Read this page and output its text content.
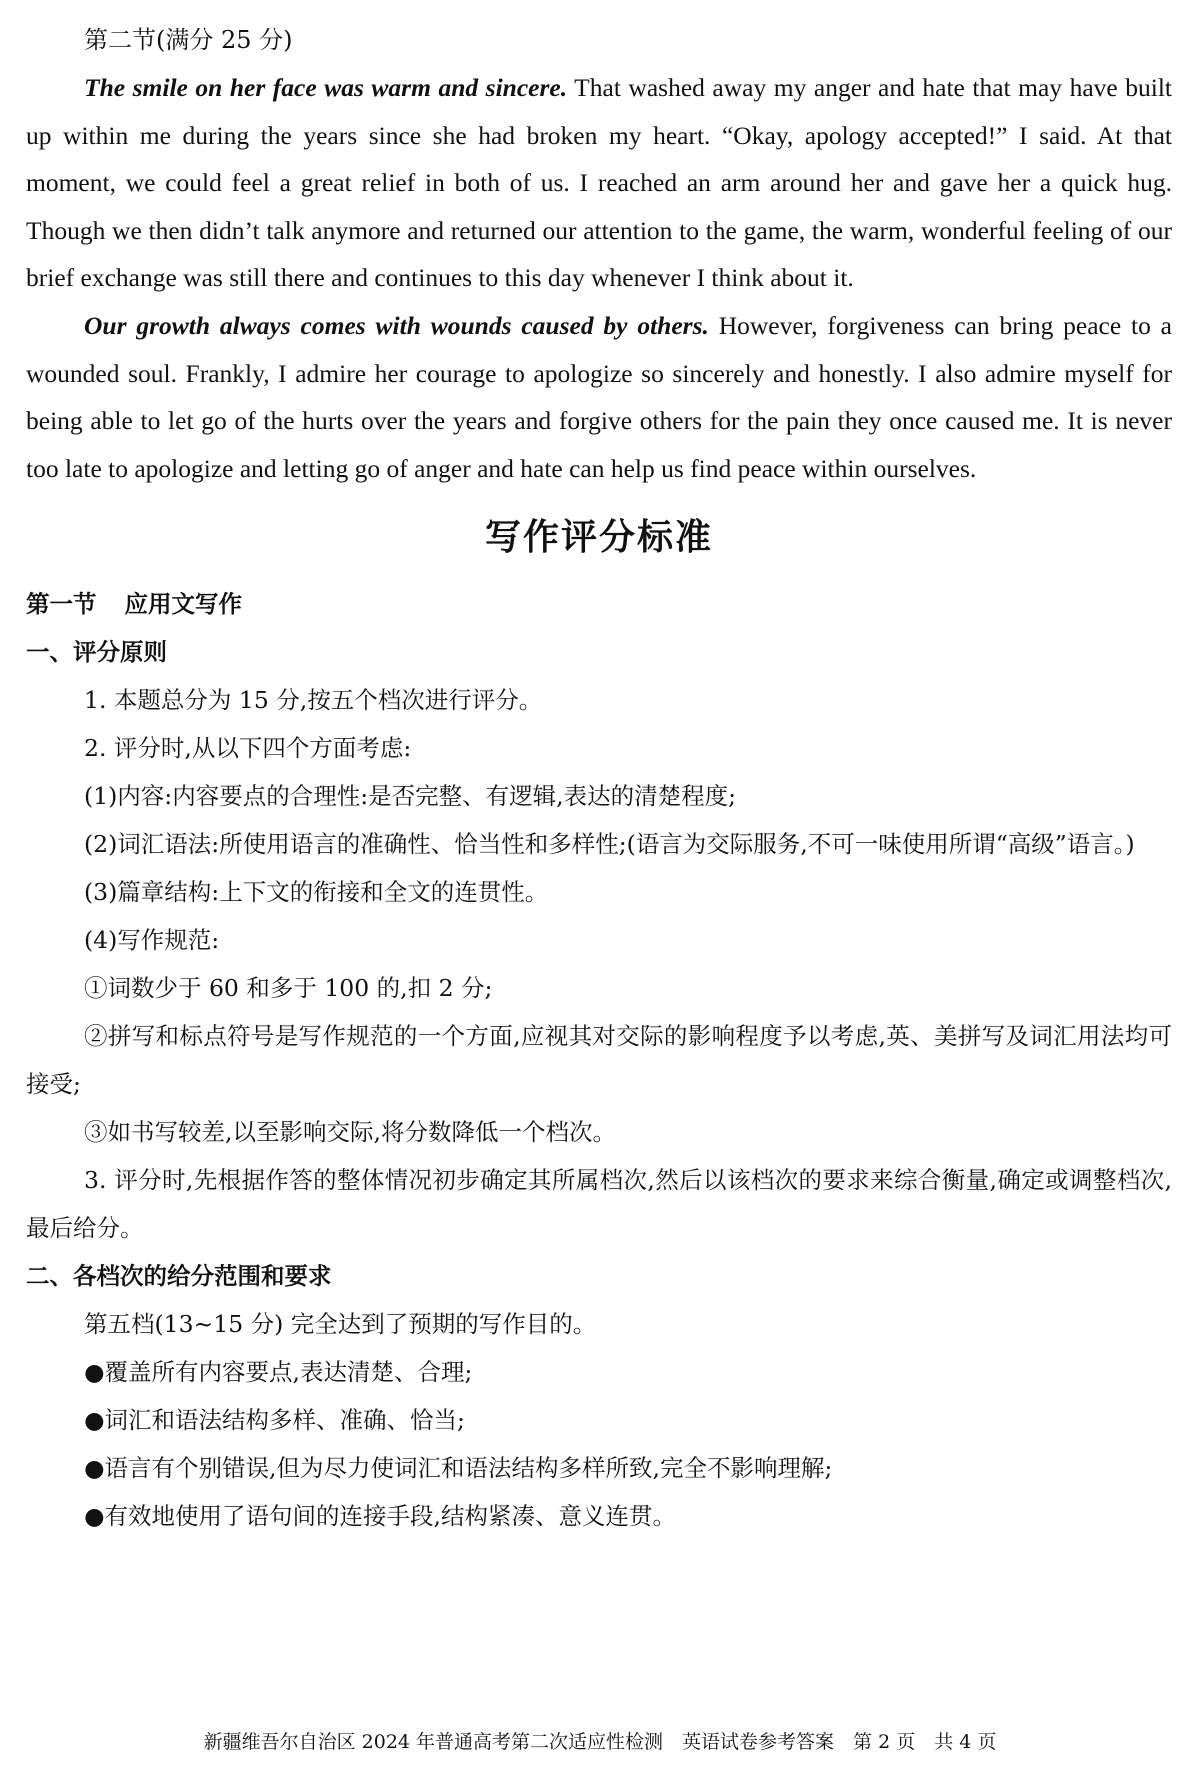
第二节(满分 25 分)

The smile on her face was warm and sincere. That washed away my anger and hate that may have built up within me during the years since she had broken my heart. “Okay, apology accepted!” I said. At that moment, we could feel a great relief in both of us. I reached an arm around her and gave her a quick hug. Though we then didn’t talk anymore and returned our attention to the game, the warm, wonderful feeling of our brief exchange was still there and continues to this day whenever I think about it.

Our growth always comes with wounds caused by others. However, forgiveness can bring peace to a wounded soul. Frankly, I admire her courage to apologize so sincerely and honestly. I also admire myself for being able to let go of the hurts over the years and forgive others for the pain they once caused me. It is never too late to apologize and letting go of anger and hate can help us find peace within ourselves.

写作评分标准

第一节 应用文写作

一、评分原则

1. 本题总分为 15 分,按五个档次进行评分。

2. 评分时,从以下四个方面考虑:

(1)内容:内容要点的合理性:是否完整、有逻辑,表达的清楚程度;

(2)词汇语法:所使用语言的准确性、恰当性和多样性;(语言为交际服务,不可一味使用所谓“高级”语言。)

(3)篇章结构:上下文的衔接和全文的连贯性。

(4)写作规范:

①词数少于 60 和多于 100 的,扣 2 分;

②拼写和标点符号是写作规范的一个方面,应视其对交际的影响程度予以考虑,英、美拼写及词汇用法均可接受;

③如书写较差,以至影响交际,将分数降低一个档次。

3. 评分时,先根据作答的整体情况初步确定其所属档次,然后以该档次的要求来综合衡量,确定或调整档次,最后给分。

二、各档次的给分范围和要求

第五档(13~15 分) 完全达到了预期的写作目的。

●覆盖所有内容要点,表达清楚、合理;

●词汇和语法结构多样、准确、恰当;

●语言有个别错误,但为尽力使词汇和语法结构多样所致,完全不影响理解;

●有效地使用了语句间的连接手段,结构紧凑、意义连贯。

新疆维吾尔自治区 2024 年普通高考第二次适应性检测　英语试卷参考答案　第 2 页　共 4 页
